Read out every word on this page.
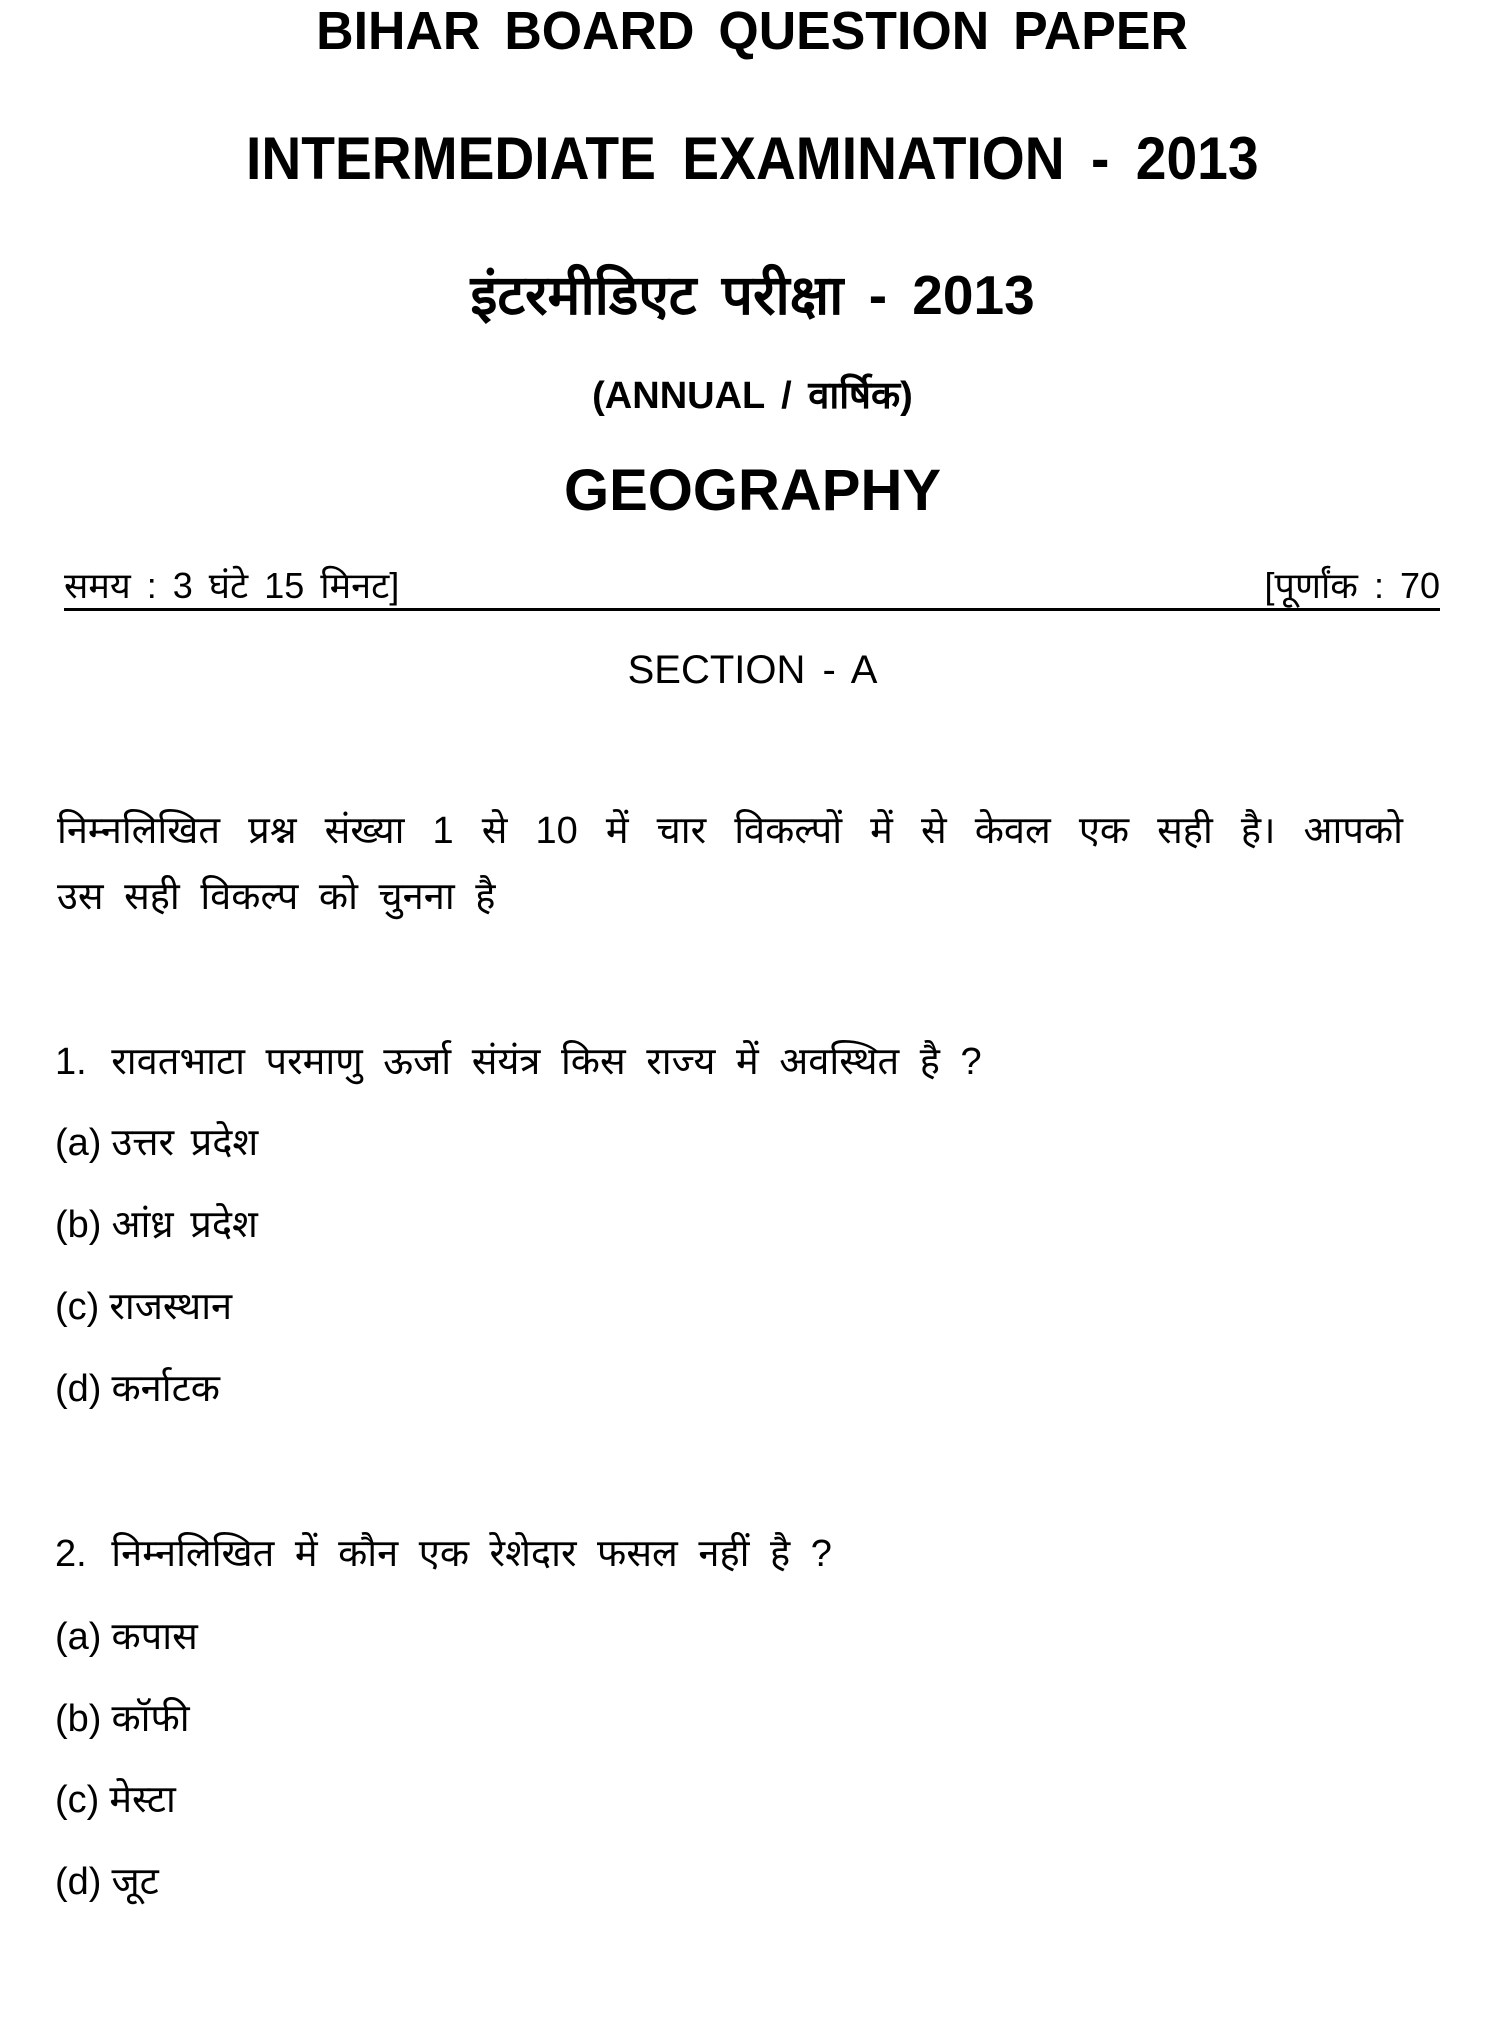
BIHAR BOARD QUESTION PAPER
INTERMEDIATE EXAMINATION - 2013
इंटरमीडिएट परीक्षा - 2013
(ANNUAL / वार्षिक)
GEOGRAPHY
समय : 3 घंटे 15 मिनट]	[पूर्णांक : 70
SECTION - A
निम्नलिखित प्रश्न संख्या 1 से 10 में चार विकल्पों में से केवल एक सही है। आपको
उस सही विकल्प को चुनना है
1. रावतभाटा परमाणु ऊर्जा संयंत्र किस राज्य में अवस्थित है ?
(a) उत्तर प्रदेश
(b) आंध्र प्रदेश
(c) राजस्थान
(d) कर्नाटक
2. निम्नलिखित में कौन एक रेशेदार फसल नहीं है ?
(a) कपास
(b) कॉफी
(c) मेस्टा
(d) जूट
